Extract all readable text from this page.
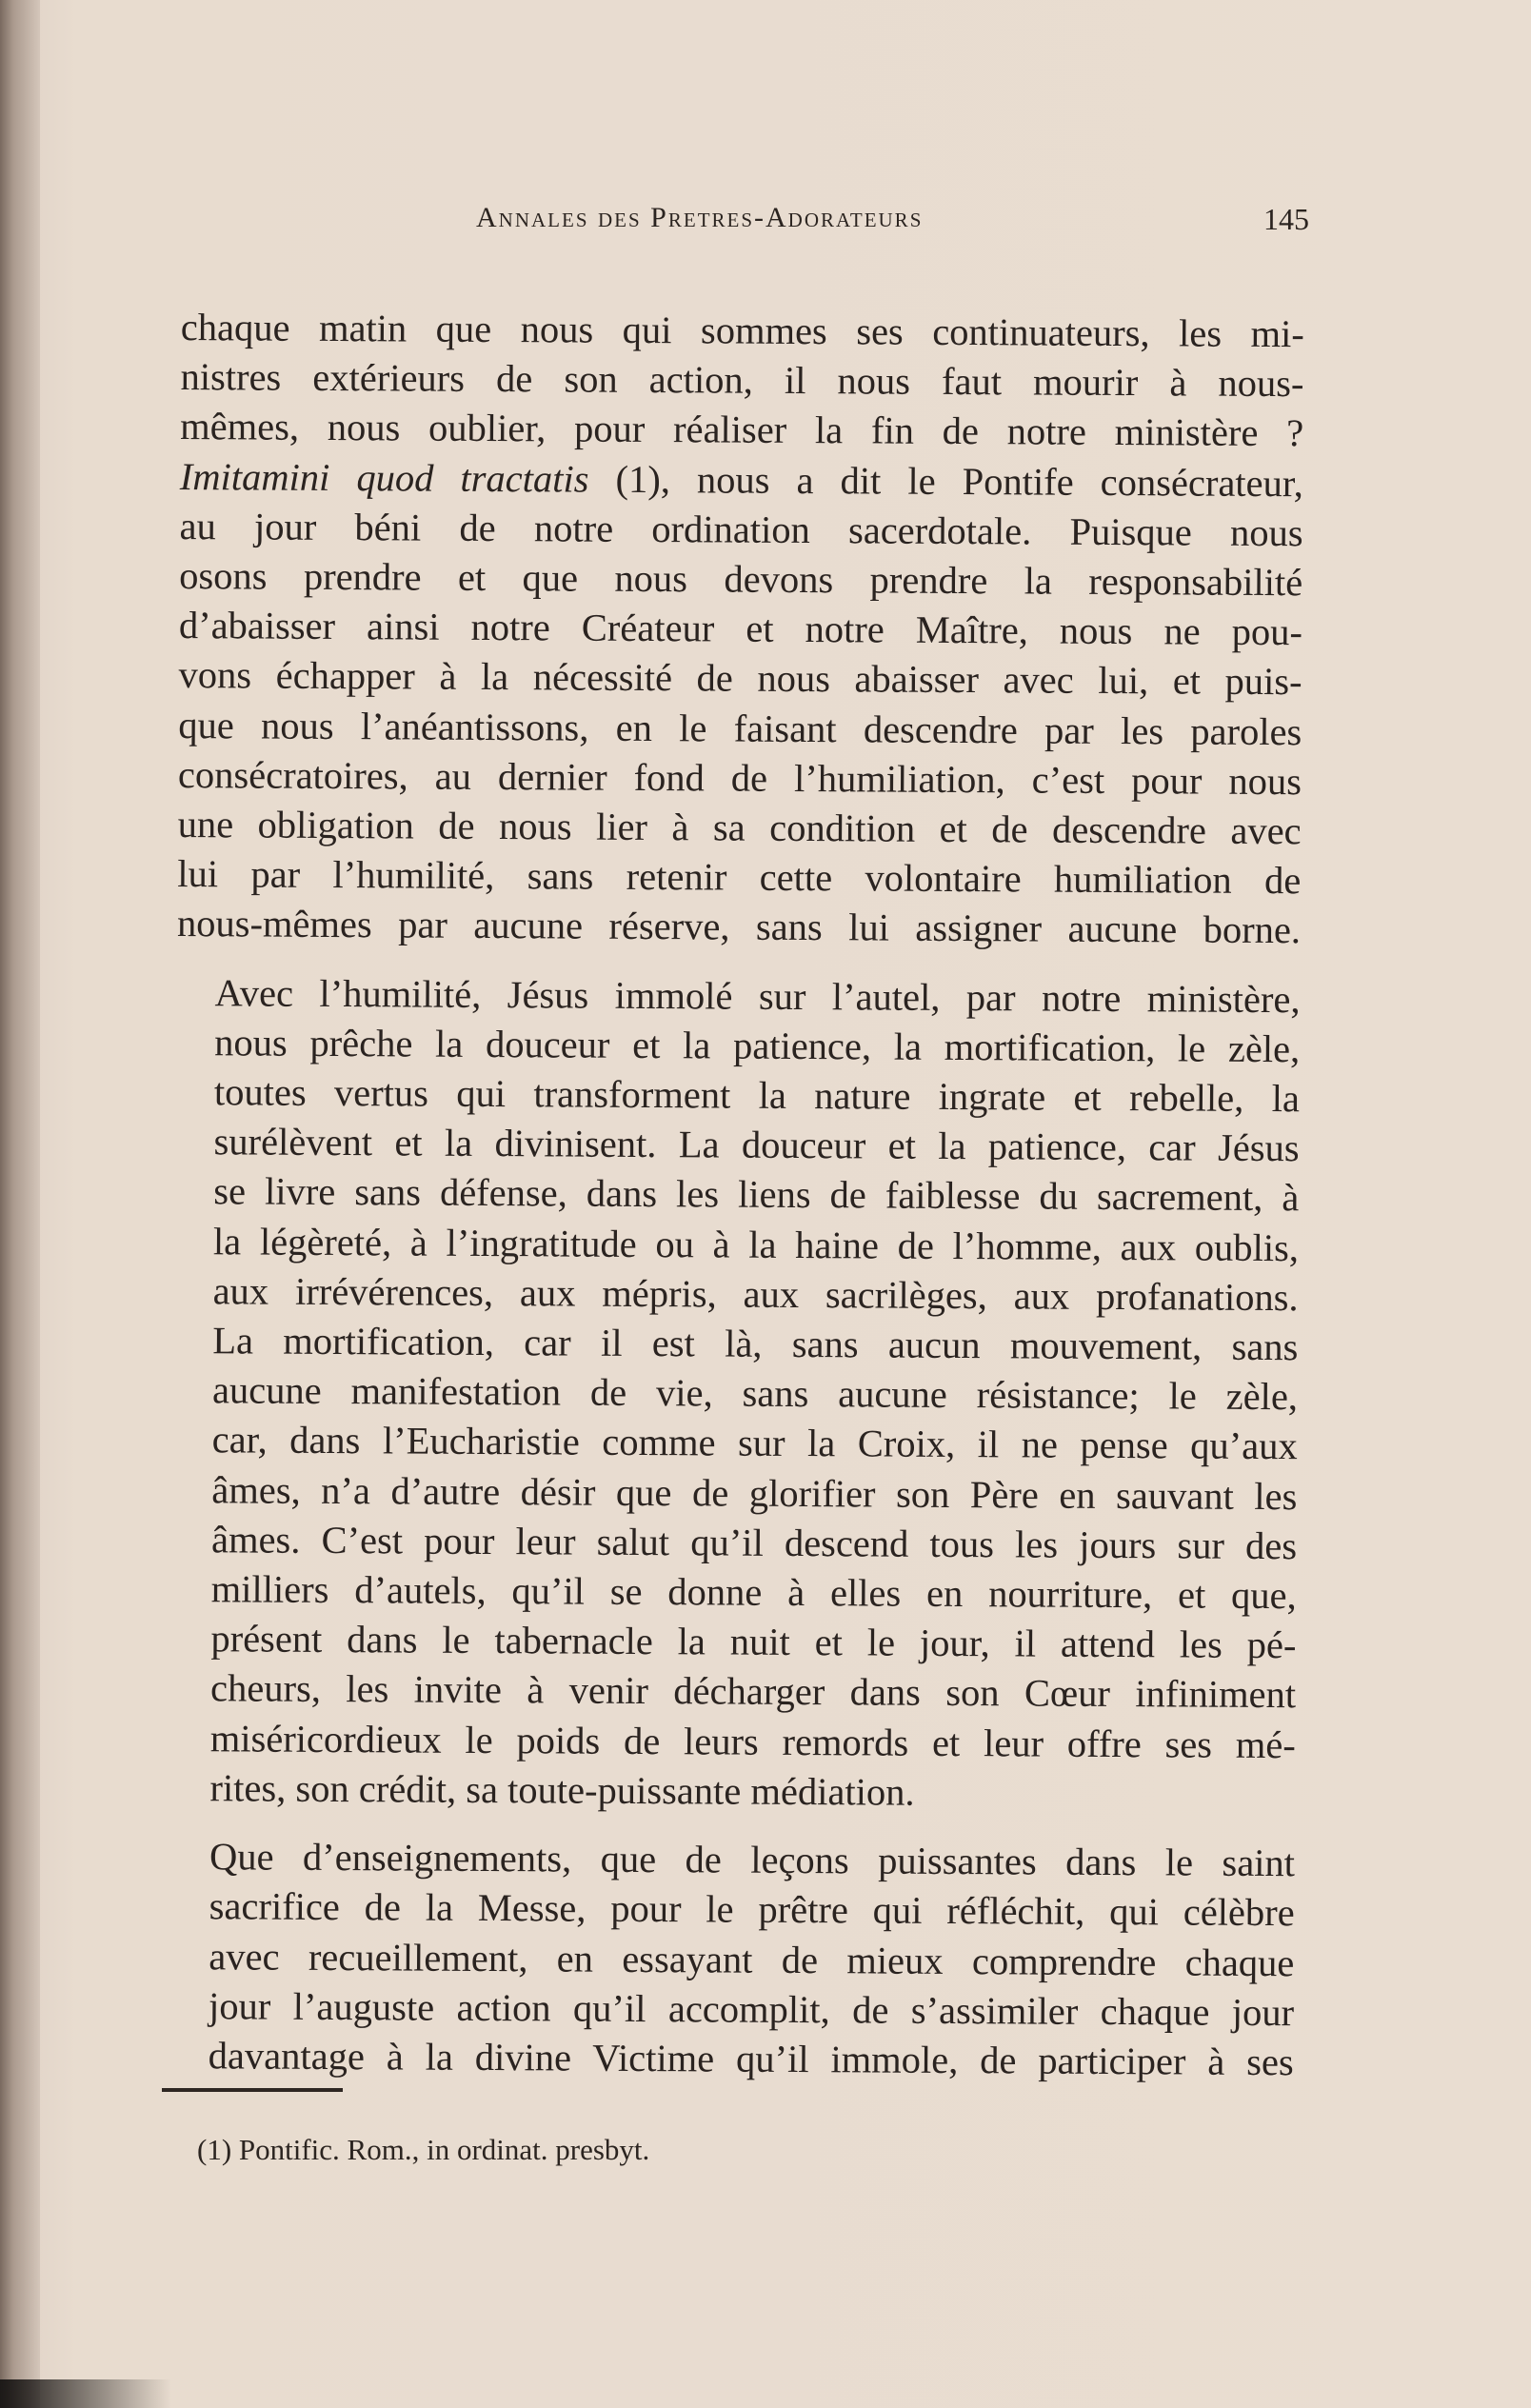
Annales des Pretres-Adorateurs	145

chaque matin que nous qui sommes ses continuateurs, les mi-
nistres extérieurs de son action, il nous faut mourir à nous-
mêmes, nous oublier, pour réaliser la fin de notre ministère ?
Imitamini quod tractatis (1), nous a dit le Pontife consécrateur,
au jour béni de notre ordination sacerdotale. Puisque nous
osons prendre et que nous devons prendre la responsabilité
d’abaisser ainsi notre Créateur et notre Maître, nous ne pou-
vons échapper à la nécessité de nous abaisser avec lui, et puis-
que nous l’anéantissons, en le faisant descendre par les paroles
consécratoires, au dernier fond de l’humiliation, c’est pour nous
une obligation de nous lier à sa condition et de descendre avec
lui par l’humilité, sans retenir cette volontaire humiliation de
nous-mêmes par aucune réserve, sans lui assigner aucune borne.

Avec l’humilité, Jésus immolé sur l’autel, par notre ministère,
nous prêche la douceur et la patience, la mortification, le zèle,
toutes vertus qui transforment la nature ingrate et rebelle, la
surélèvent et la divinisent. La douceur et la patience, car Jésus
se livre sans défense, dans les liens de faiblesse du sacrement, à
la légèreté, à l’ingratitude ou à la haine de l’homme, aux oublis,
aux irrévérences, aux mépris, aux sacrilèges, aux profanations.
La mortification, car il est là, sans aucun mouvement, sans
aucune manifestation de vie, sans aucune résistance; le zèle,
car, dans l’Eucharistie comme sur la Croix, il ne pense qu’aux
âmes, n’a d’autre désir que de glorifier son Père en sauvant les
âmes. C’est pour leur salut qu’il descend tous les jours sur des
milliers d’autels, qu’il se donne à elles en nourriture, et que,
présent dans le tabernacle la nuit et le jour, il attend les pé-
cheurs, les invite à venir décharger dans son Cœur infiniment
miséricordieux le poids de leurs remords et leur offre ses mé-
rites, son crédit, sa toute-puissante médiation.

Que d’enseignements, que de leçons puissantes dans le saint
sacrifice de la Messe, pour le prêtre qui réfléchit, qui célèbre
avec recueillement, en essayant de mieux comprendre chaque
jour l’auguste action qu’il accomplit, de s’assimiler chaque jour
davantage à la divine Victime qu’il immole, de participer à ses

(1) Pontific. Rom., in ordinat. presbyt.
